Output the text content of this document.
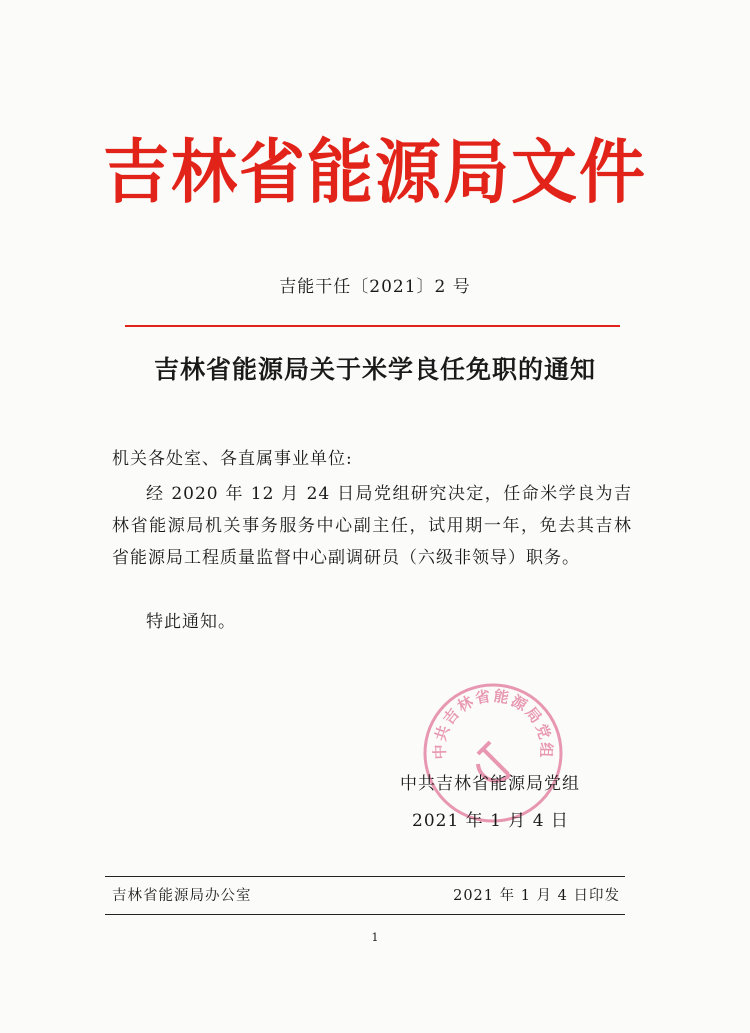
吉林省能源局文件
吉能干任〔2021〕2 号
吉林省能源局关于米学良任免职的通知
机关各处室、各直属事业单位:
经 2020 年 12 月 24 日局党组研究决定，任命米学良为吉林省能源局机关事务服务中心副主任，试用期一年，免去其吉林省能源局工程质量监督中心副调研员（六级非领导）职务。
特此通知。
中共吉林省能源局党组
中共吉林省能源局党组
2021 年 1 月 4 日
吉林省能源局办公室	2021 年 1 月 4 日印发
1
